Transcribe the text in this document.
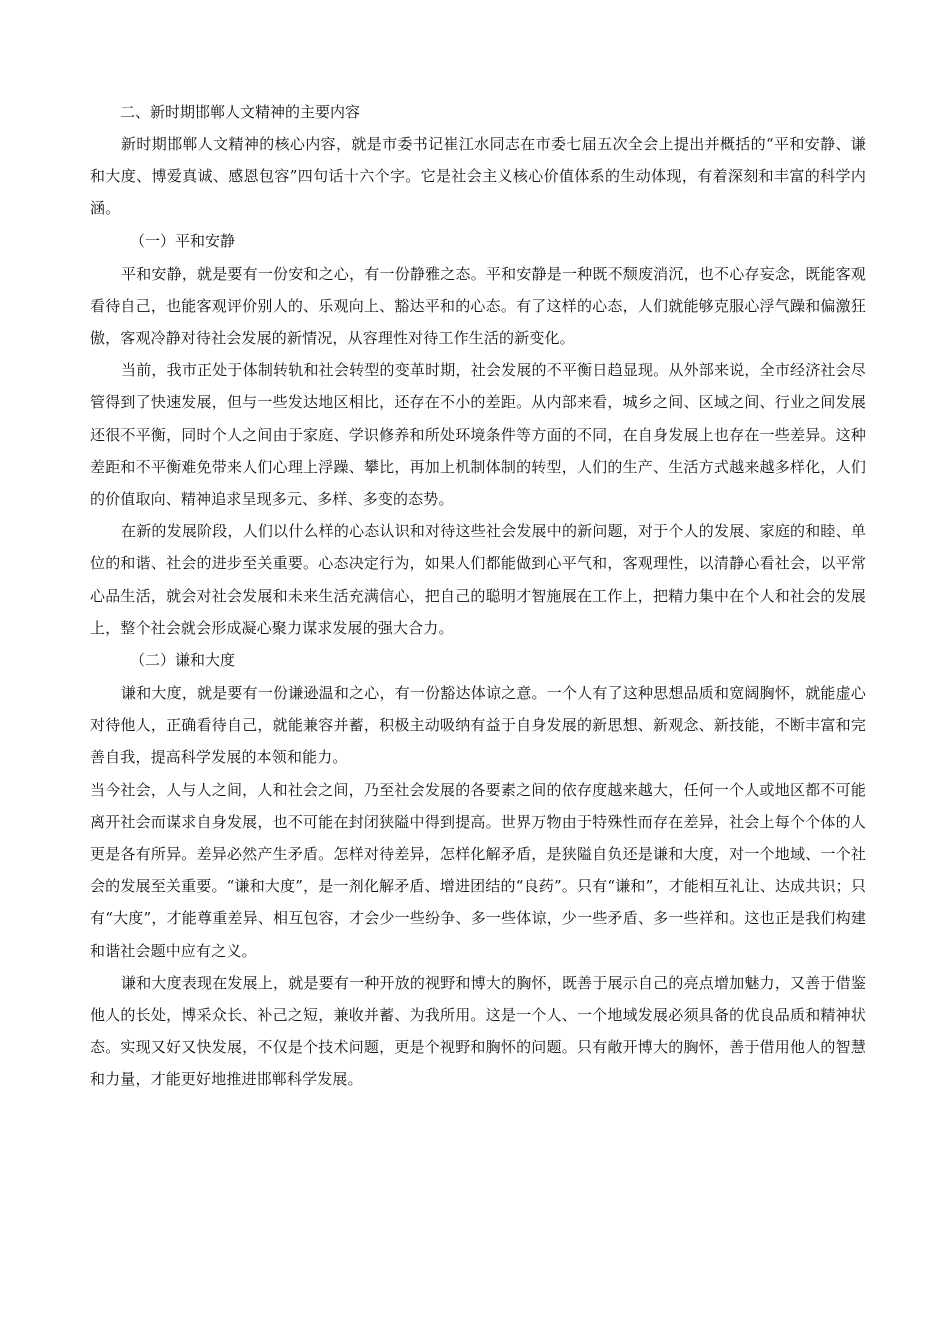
二、新时期邯郸人文精神的主要内容

新时期邯郸人文精神的核心内容，就是市委书记崔江水同志在市委七届五次全会上提出并概括的“平和安静、谦和大度、博爱真诚、感恩包容”四句话十六个字。它是社会主义核心价值体系的生动体现，有着深刻和丰富的科学内涵。

（一）平和安静

平和安静，就是要有一份安和之心，有一份静雅之态。平和安静是一种既不颓废消沉，也不心存妄念，既能客观看待自己，也能客观评价别人的、乐观向上、豁达平和的心态。有了这样的心态，人们就能够克服心浮气躁和偏激狂傲，客观冷静对待社会发展的新情况，从容理性对待工作生活的新变化。

当前，我市正处于体制转轨和社会转型的变革时期，社会发展的不平衡日趋显现。从外部来说，全市经济社会尽管得到了快速发展，但与一些发达地区相比，还存在不小的差距。从内部来看，城乡之间、区域之间、行业之间发展还很不平衡，同时个人之间由于家庭、学识修养和所处环境条件等方面的不同，在自身发展上也存在一些差异。这种差距和不平衡难免带来人们心理上浮躁、攀比，再加上机制体制的转型，人们的生产、生活方式越来越多样化，人们的价值取向、精神追求呈现多元、多样、多变的态势。

在新的发展阶段，人们以什么样的心态认识和对待这些社会发展中的新问题，对于个人的发展、家庭的和睦、单位的和谐、社会的进步至关重要。心态决定行为，如果人们都能做到心平气和，客观理性，以清静心看社会，以平常心品生活，就会对社会发展和未来生活充满信心，把自己的聪明才智施展在工作上，把精力集中在个人和社会的发展上，整个社会就会形成凝心聚力谋求发展的强大合力。

（二）谦和大度

谦和大度，就是要有一份谦逊温和之心，有一份豁达体谅之意。一个人有了这种思想品质和宽阔胸怀，就能虚心对待他人，正确看待自己，就能兼容并蓄，积极主动吸纳有益于自身发展的新思想、新观念、新技能，不断丰富和完善自我，提高科学发展的本领和能力。

当今社会，人与人之间，人和社会之间，乃至社会发展的各要素之间的依存度越来越大，任何一个人或地区都不可能离开社会而谋求自身发展，也不可能在封闭狭隘中得到提高。世界万物由于特殊性而存在差异，社会上每个个体的人更是各有所异。差异必然产生矛盾。怎样对待差异，怎样化解矛盾，是狭隘自负还是谦和大度，对一个地域、一个社会的发展至关重要。“谦和大度”，是一剂化解矛盾、增进团结的“良药”。只有“谦和”，才能相互礼让、达成共识；只有“大度”，才能尊重差异、相互包容，才会少一些纷争、多一些体谅，少一些矛盾、多一些祥和。这也正是我们构建和谐社会题中应有之义。

谦和大度表现在发展上，就是要有一种开放的视野和博大的胸怀，既善于展示自己的亮点增加魅力，又善于借鉴他人的长处，博采众长、补己之短，兼收并蓄、为我所用。这是一个人、一个地域发展必须具备的优良品质和精神状态。实现又好又快发展，不仅是个技术问题，更是个视野和胸怀的问题。只有敞开博大的胸怀，善于借用他人的智慧和力量，才能更好地推进邯郸科学发展。
